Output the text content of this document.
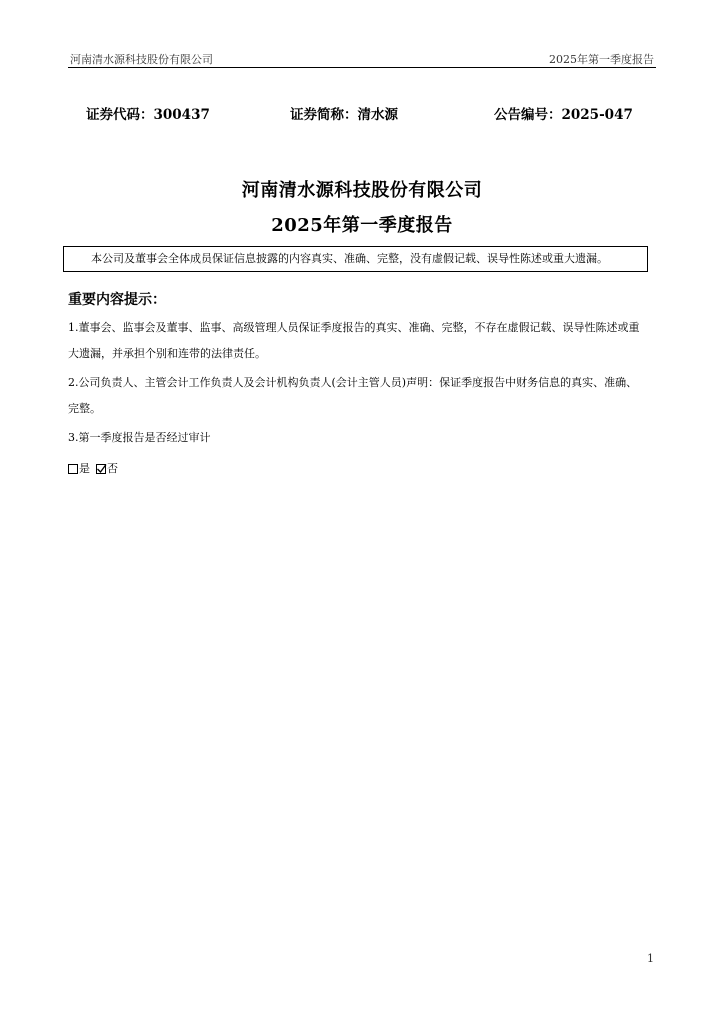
河南清水源科技股份有限公司	2025年第一季度报告
证券代码：300437	证券简称：清水源	公告编号：2025-047
河南清水源科技股份有限公司
2025年第一季度报告
本公司及董事会全体成员保证信息披露的内容真实、准确、完整，没有虚假记载、误导性陈述或重大遗漏。
重要内容提示：
1.董事会、监事会及董事、监事、高级管理人员保证季度报告的真实、准确、完整，不存在虚假记载、误导性陈述或重
大遗漏，并承担个别和连带的法律责任。
2.公司负责人、主管会计工作负责人及会计机构负责人(会计主管人员)声明：保证季度报告中财务信息的真实、准确、
完整。
3.第一季度报告是否经过审计
是 否
1
